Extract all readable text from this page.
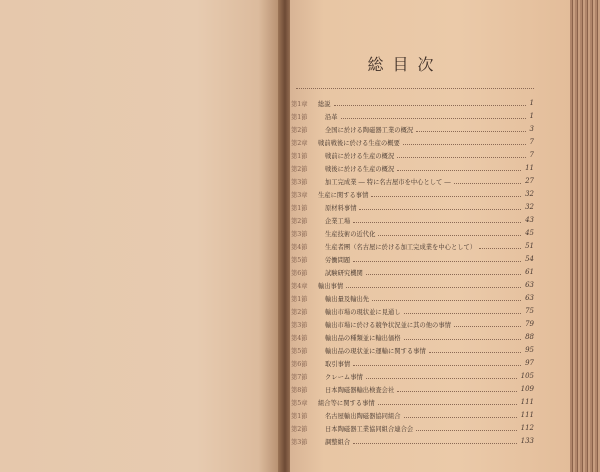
総目次
第1章 総説	1
第1節	沿革	1
第2節	全国に於ける陶磁器工業の概況	3
第2章 戦前戦後に於ける生産の概要	7
第1節	戦前に於ける生産の概況	7
第2節	戦後に於ける生産の概況	11
第3節	加工完成業 ― 特に名古屋市を中心として ―	27
第3章 生産に関する事情	32
第1節	原材料事情	32
第2節	企業工場	43
第3節	生産技術の近代化	45
第4節	生産者團（名古屋に於ける加工完成業を中心として）	51
第5節	労働問題	54
第6節	試験研究機関	61
第4章 輸出事情	63
第1節	輸出量及輸出先	63
第2節	輸出市場の現状並に見通し	75
第3節	輸出市場に於ける競争状況並に其の他の事情	79
第4節	輸出品の種類並に輸出価格	88
第5節	輸出品の現状並に運輸に関する事情	95
第6節	取引事情	97
第7節	クレーム事情	105
第8節	日本陶磁器輸出検査会社	109
第5章 組合等に関する事情	111
第1節	名古屋輸出陶磁器協同組合	111
第2節	日本陶磁器工業協同組合連合会	112
第3節	調整組合	133
